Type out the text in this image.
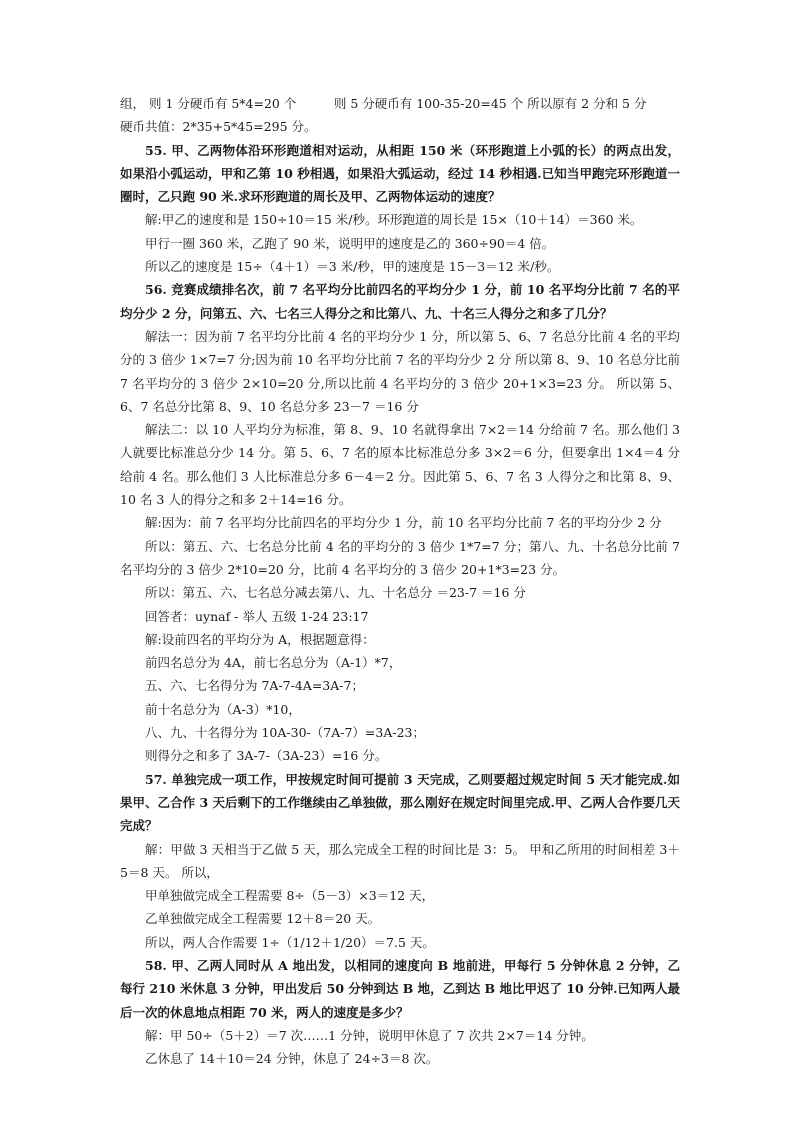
组， 则 1 分硬币有 5*4=20 个　　　则 5 分硬币有 100-35-20=45 个 所以原有 2 分和 5 分

硬币共值：2*35+5*45=295 分。

55. 甲、乙两物体沿环形跑道相对运动，从相距 150 米（环形跑道上小弧的长）的两点出发，如果沿小弧运动，甲和乙第 10 秒相遇，如果沿大弧运动，经过 14 秒相遇.已知当甲跑完环形跑道一圈时，乙只跑 90 米.求环形跑道的周长及甲、乙两物体运动的速度？

解:甲乙的速度和是 150÷10＝15 米/秒。环形跑道的周长是 15×（10＋14）＝360 米。

甲行一圈 360 米，乙跑了 90 米，说明甲的速度是乙的 360÷90＝4 倍。

所以乙的速度是 15÷（4＋1）＝3 米/秒，甲的速度是 15－3＝12 米/秒。

56. 竞赛成绩排名次，前 7 名平均分比前四名的平均分少 1 分，前 10 名平均分比前 7 名的平均分少 2 分，问第五、六、七名三人得分之和比第八、九、十名三人得分之和多了几分？

解法一：因为前 7 名平均分比前 4 名的平均分少 1 分，所以第 5、6、7 名总分比前 4 名的平均分的 3 倍少 1×7=7 分;因为前 10 名平均分比前 7 名的平均分少 2 分 所以第 8、9、10 名总分比前 7 名平均分的 3 倍少 2×10=20 分,所以比前 4 名平均分的 3 倍少 20+1×3=23 分。 所以第 5、6、7 名总分比第 8、9、10 名总分多 23－7 ＝16 分

解法二：以 10 人平均分为标准，第 8、9、10 名就得拿出 7×2＝14 分给前 7 名。那么他们 3 人就要比标准总分少 14 分。第 5、6、7 名的原本比标准总分多 3×2＝6 分，但要拿出 1×4＝4 分给前 4 名。那么他们 3 人比标准总分多 6－4＝2 分。因此第 5、6、7 名 3 人得分之和比第 8、9、10 名 3 人的得分之和多 2＋14=16 分。

解:因为：前 7 名平均分比前四名的平均分少 1 分，前 10 名平均分比前 7 名的平均分少 2 分

所以：第五、六、七名总分比前 4 名的平均分的 3 倍少 1*7=7 分；第八、九、十名总分比前 7 名平均分的 3 倍少 2*10=20 分，比前 4 名平均分的 3 倍少 20+1*3=23 分。

所以：第五、六、七名总分减去第八、九、十名总分 ＝23-7 ＝16 分

回答者：uynaf - 举人 五级 1-24 23:17

解:设前四名的平均分为 A，根据题意得：

前四名总分为 4A，前七名总分为（A-1）*7，

五、六、七名得分为 7A-7-4A=3A-7；

前十名总分为（A-3）*10，

八、九、十名得分为 10A-30-（7A-7）=3A-23；

则得分之和多了 3A-7-（3A-23）=16 分。

57. 单独完成一项工作，甲按规定时间可提前 3 天完成，乙则要超过规定时间 5 天才能完成.如果甲、乙合作 3 天后剩下的工作继续由乙单独做，那么刚好在规定时间里完成.甲、乙两人合作要几天完成？

解：甲做 3 天相当于乙做 5 天，那么完成全工程的时间比是 3：5。 甲和乙所用的时间相差 3＋5＝8 天。 所以，

甲单独做完成全工程需要 8÷（5－3）×3＝12 天，

乙单独做完成全工程需要 12＋8＝20 天。

所以，两人合作需要 1÷（1/12＋1/20）＝7.5 天。

58. 甲、乙两人同时从 A 地出发，以相同的速度向 B 地前进，甲每行 5 分钟休息 2 分钟，乙每行 210 米休息 3 分钟，甲出发后 50 分钟到达 B 地，乙到达 B 地比甲迟了 10 分钟.已知两人最后一次的休息地点相距 70 米，两人的速度是多少？

解：甲 50÷（5＋2）＝7 次……1 分钟，说明甲休息了 7 次共 2×7＝14 分钟。

乙休息了 14＋10＝24 分钟，休息了 24÷3＝8 次。
